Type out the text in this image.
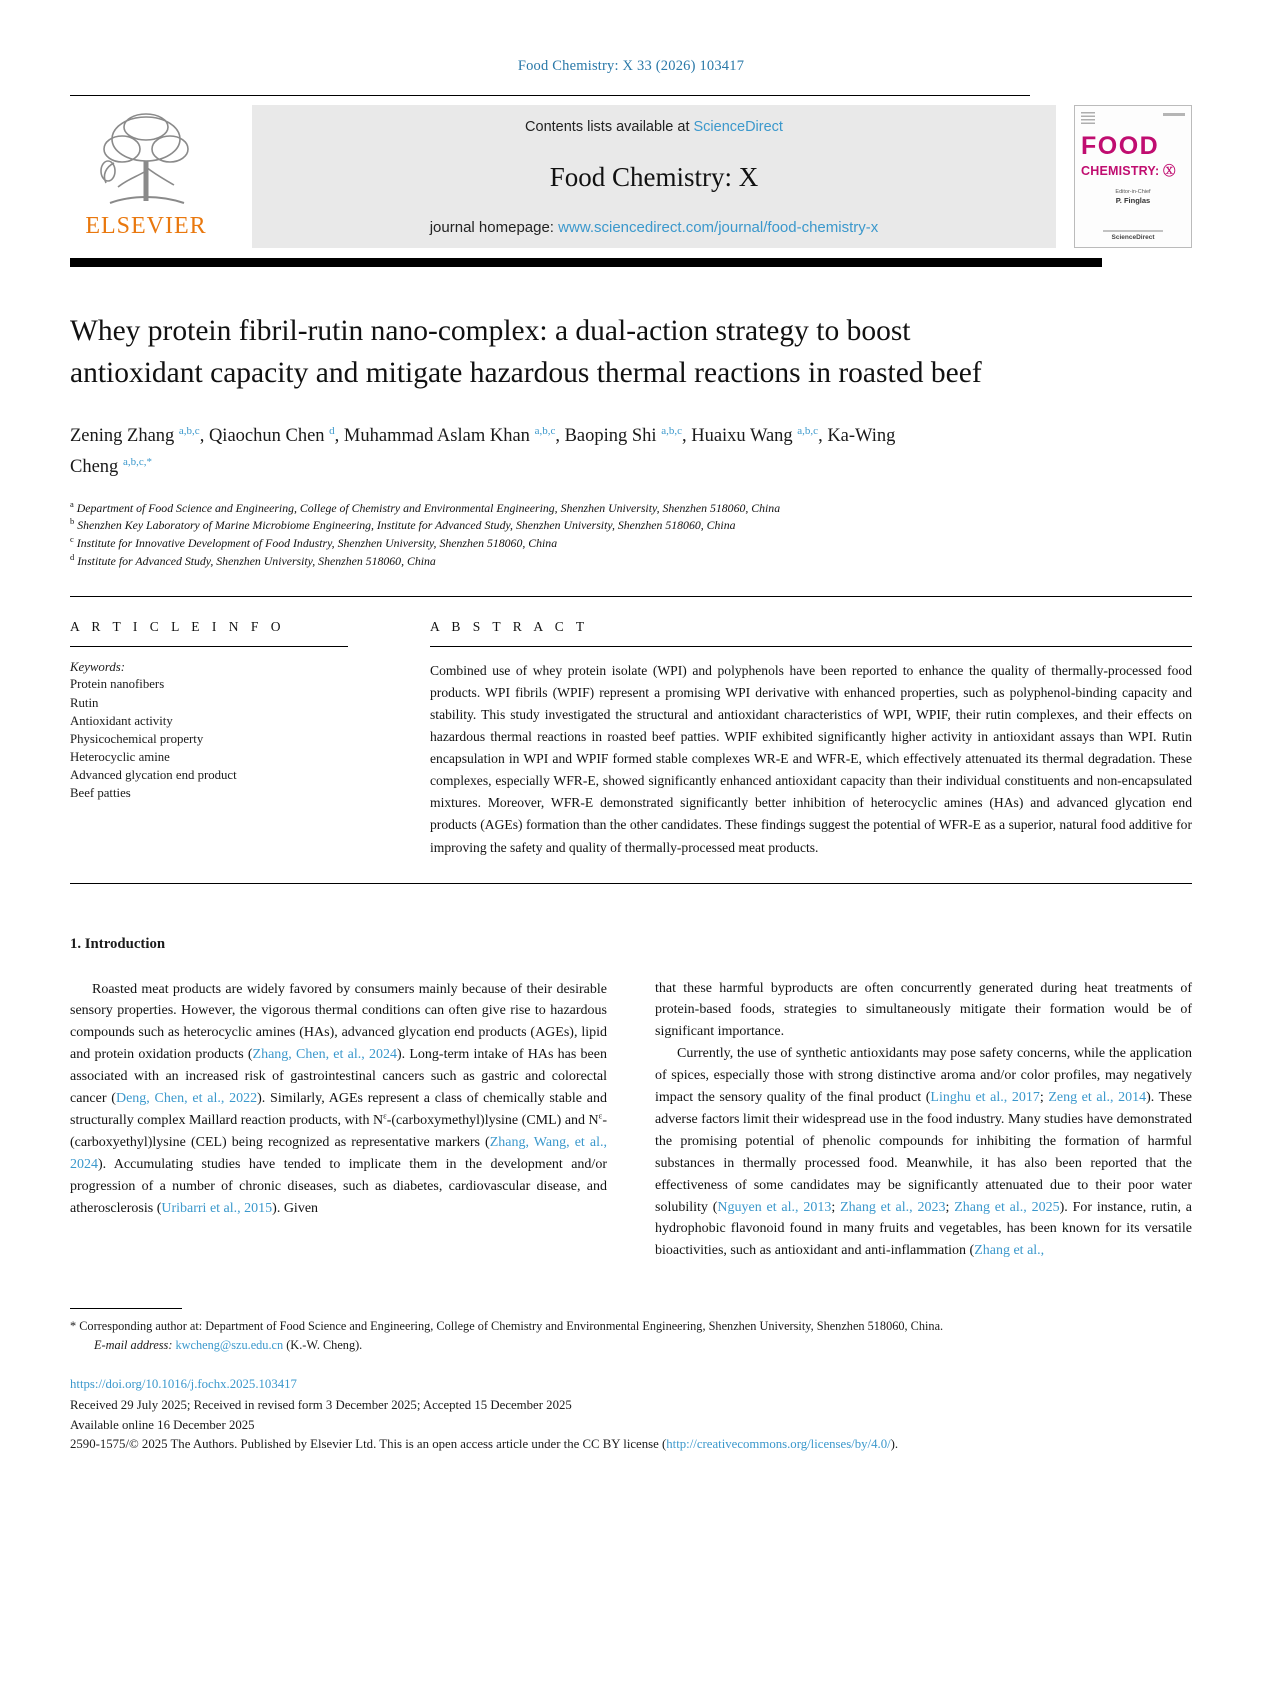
Food Chemistry: X 33 (2026) 103417
ELSEVIER
Contents lists available at ScienceDirect
Food Chemistry: X
journal homepage: www.sciencedirect.com/journal/food-chemistry-x
FOOD
CHEMISTRY: Ⓧ
Editor-in-Chief
P. Finglas
ScienceDirect
Whey protein fibril-rutin nano-complex: a dual-action strategy to boost antioxidant capacity and mitigate hazardous thermal reactions in roasted beef
Zening Zhang $^{a,b,c}$, Qiaochun Chen $^d$, Muhammad Aslam Khan $^{a,b,c}$, Baoping Shi $^{a,b,c}$, Huaixu Wang $^{a,b,c}$, Ka-Wing Cheng $^{a,b,c,*}$
$^a$ Department of Food Science and Engineering, College of Chemistry and Environmental Engineering, Shenzhen University, Shenzhen 518060, China
$^b$ Shenzhen Key Laboratory of Marine Microbiome Engineering, Institute for Advanced Study, Shenzhen University, Shenzhen 518060, China
$^c$ Institute for Innovative Development of Food Industry, Shenzhen University, Shenzhen 518060, China
$^d$ Institute for Advanced Study, Shenzhen University, Shenzhen 518060, China
A R T I C L E I N F O
Keywords:
Protein nanofibers
Rutin
Antioxidant activity
Physicochemical property
Heterocyclic amine
Advanced glycation end product
Beef patties
A B S T R A C T

Combined use of whey protein isolate (WPI) and polyphenols have been reported to enhance the quality of thermally-processed food products. WPI fibrils (WPIF) represent a promising WPI derivative with enhanced properties, such as polyphenol-binding capacity and stability. This study investigated the structural and antioxidant characteristics of WPI, WPIF, their rutin complexes, and their effects on hazardous thermal reactions in roasted beef patties. WPIF exhibited significantly higher activity in antioxidant assays than WPI. Rutin encapsulation in WPI and WPIF formed stable complexes WR-E and WFR-E, which effectively attenuated its thermal degradation. These complexes, especially WFR-E, showed significantly enhanced antioxidant capacity than their individual constituents and non-encapsulated mixtures. Moreover, WFR-E demonstrated significantly better inhibition of heterocyclic amines (HAs) and advanced glycation end products (AGEs) formation than the other candidates. These findings suggest the potential of WFR-E as a superior, natural food additive for improving the safety and quality of thermally-processed meat products.

1. Introduction

Roasted meat products are widely favored by consumers mainly because of their desirable sensory properties. However, the vigorous thermal conditions can often give rise to hazardous compounds such as heterocyclic amines (HAs), advanced glycation end products (AGEs), lipid and protein oxidation products (Zhang, Chen, et al., 2024). Long-term intake of HAs has been associated with an increased risk of gastrointestinal cancers such as gastric and colorectal cancer (Deng, Chen, et al., 2022). Similarly, AGEs represent a class of chemically stable and structurally complex Maillard reaction products, with $N^\varepsilon-(carboxymethyl)lysine$ (CML) and $N^\varepsilon-(carboxyethyl)lysine$ (CEL) being recognized as representative markers (Zhang, Wang, et al., 2024). Accumulating studies have tended to implicate them in the development and/or progression of a number of chronic diseases, such as diabetes, cardiovascular disease, and atherosclerosis (Uribarri et al., 2015). Given

that these harmful byproducts are often concurrently generated during heat treatments of protein-based foods, strategies to simultaneously mitigate their formation would be of significant importance.

Currently, the use of synthetic antioxidants may pose safety concerns, while the application of spices, especially those with strong distinctive aroma and/or color profiles, may negatively impact the sensory quality of the final product (Linghu et al., 2017; Zeng et al., 2014). These adverse factors limit their widespread use in the food industry. Many studies have demonstrated the promising potential of phenolic compounds for inhibiting the formation of harmful substances in thermally processed food. Meanwhile, it has also been reported that the effectiveness of some candidates may be significantly attenuated due to their poor water solubility (Nguyen et al., 2013; Zhang et al., 2023; Zhang et al., 2025). For instance, rutin, a hydrophobic flavonoid found in many fruits and vegetables, has been known for its versatile bioactivities, such as antioxidant and anti-inflammation (Zhang et al.,

* Corresponding author at: Department of Food Science and Engineering, College of Chemistry and Environmental Engineering, Shenzhen University, Shenzhen 518060, China.
E-mail address: kwcheng@szu.edu.cn (K.-W. Cheng).
https://doi.org/10.1016/j.fochx.2025.103417
Received 29 July 2025; Received in revised form 3 December 2025; Accepted 15 December 2025
Available online 16 December 2025
2590-1575/© 2025 The Authors. Published by Elsevier Ltd. This is an open access article under the CC BY license (http://creativecommons.org/licenses/by/4.0/).
